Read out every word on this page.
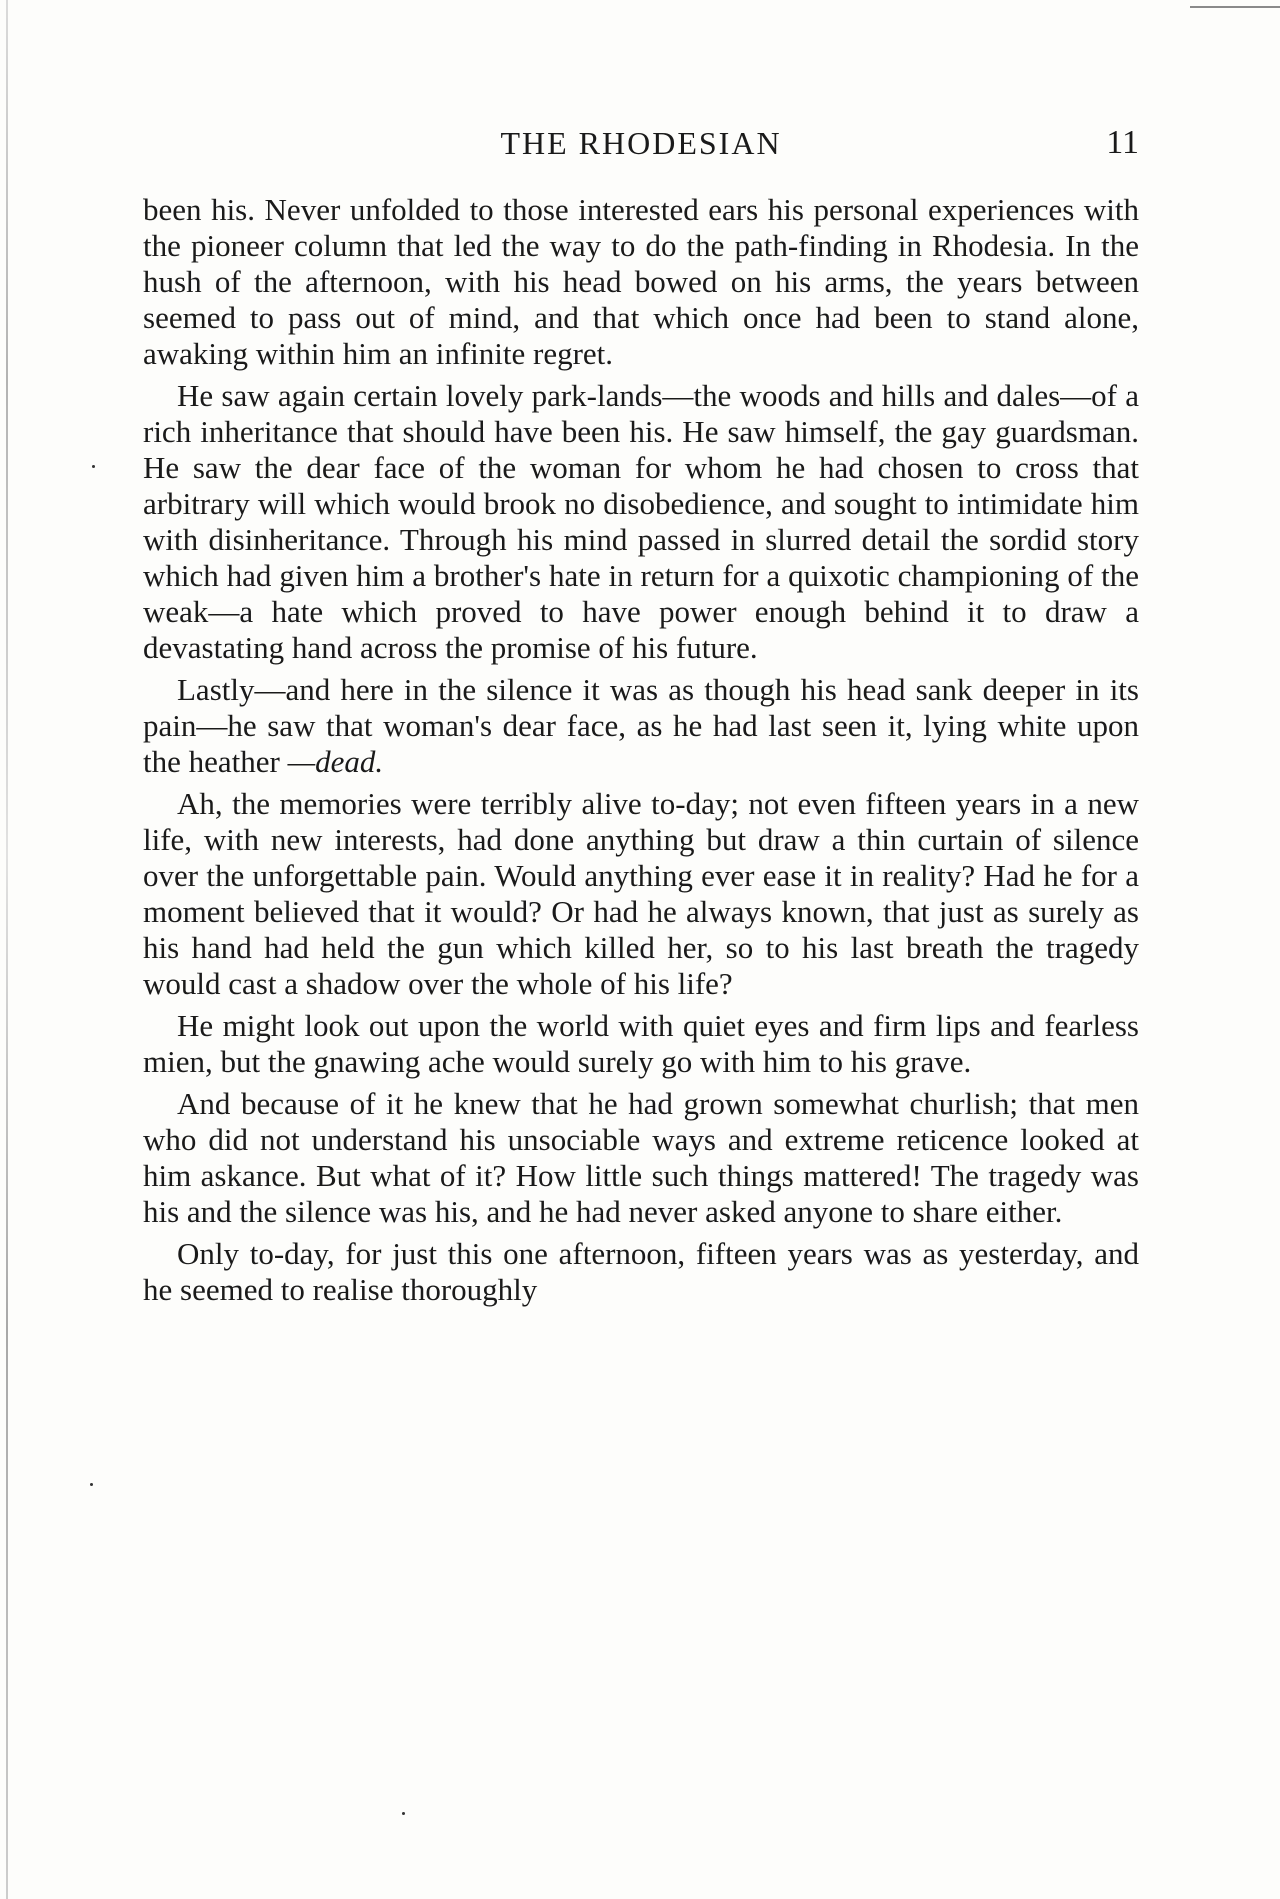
THE RHODESIAN	11

been his. Never unfolded to those interested ears his personal experiences with the pioneer column that led the way to do the path-finding in Rhodesia. In the hush of the afternoon, with his head bowed on his arms, the years between seemed to pass out of mind, and that which once had been to stand alone, awaking within him an infinite regret.

He saw again certain lovely park-lands—the woods and hills and dales—of a rich inheritance that should have been his. He saw himself, the gay guardsman. He saw the dear face of the woman for whom he had chosen to cross that arbitrary will which would brook no disobedience, and sought to intimidate him with disinheritance. Through his mind passed in slurred detail the sordid story which had given him a brother's hate in return for a quixotic championing of the weak—a hate which proved to have power enough behind it to draw a devastating hand across the promise of his future.

Lastly—and here in the silence it was as though his head sank deeper in its pain—he saw that woman's dear face, as he had last seen it, lying white upon the heather —dead.

Ah, the memories were terribly alive to-day; not even fifteen years in a new life, with new interests, had done anything but draw a thin curtain of silence over the unforgettable pain. Would anything ever ease it in reality? Had he for a moment believed that it would? Or had he always known, that just as surely as his hand had held the gun which killed her, so to his last breath the tragedy would cast a shadow over the whole of his life?

He might look out upon the world with quiet eyes and firm lips and fearless mien, but the gnawing ache would surely go with him to his grave.

And because of it he knew that he had grown somewhat churlish; that men who did not understand his unsociable ways and extreme reticence looked at him askance. But what of it? How little such things mattered! The tragedy was his and the silence was his, and he had never asked anyone to share either.

Only to-day, for just this one afternoon, fifteen years was as yesterday, and he seemed to realise thoroughly
